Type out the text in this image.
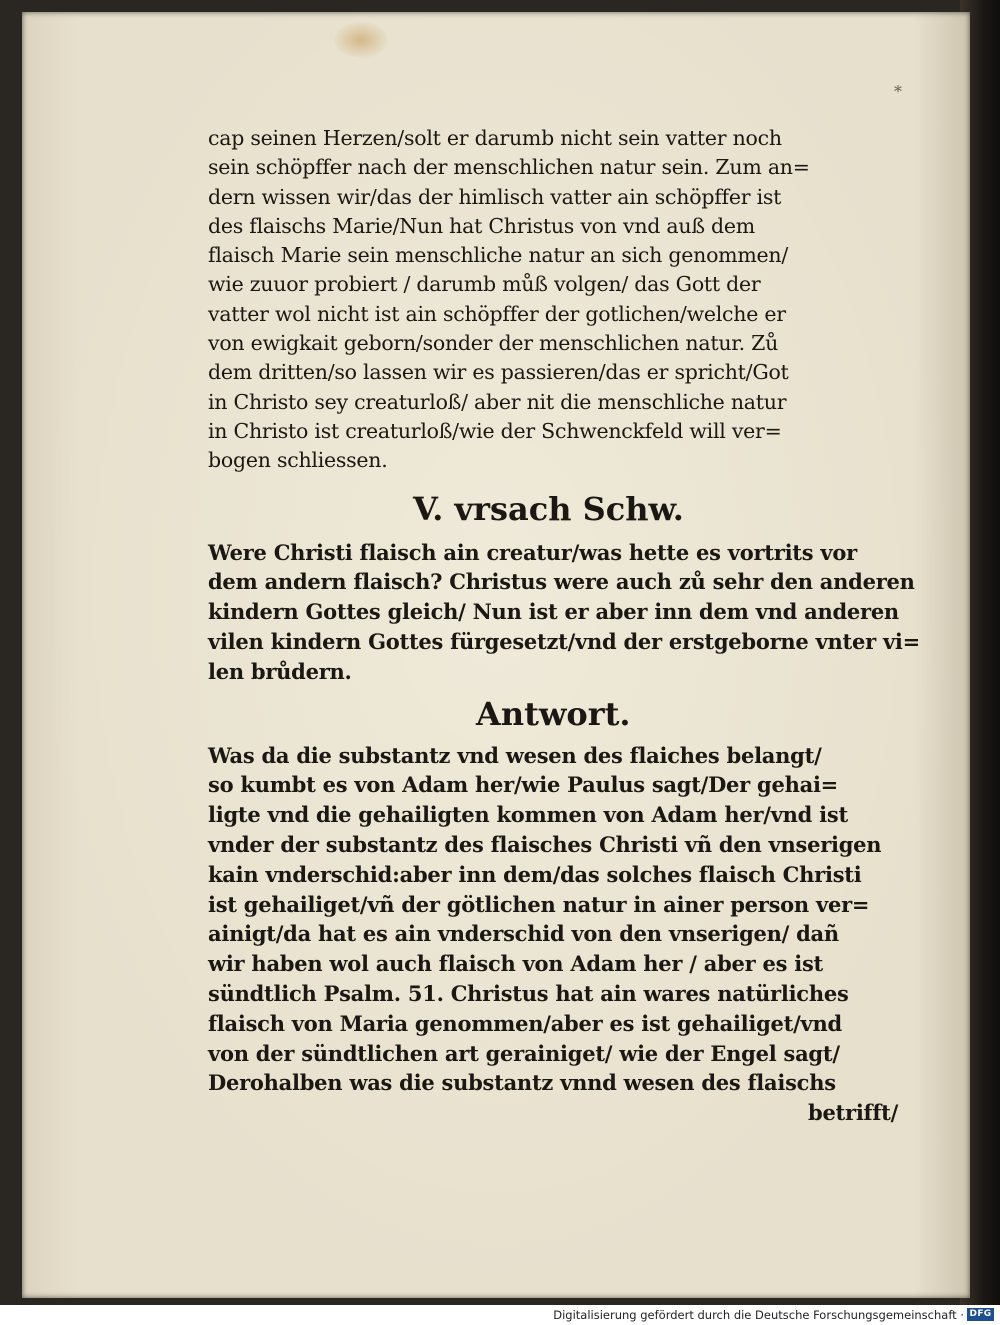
*

cap seinen Herzen/solt er darumb nicht sein vatter noch

sein schöpffer nach der menschlichen natur sein. Zum an=

dern wissen wir/das der himlisch vatter ain schöpffer ist

des flaischs Marie/Nun hat Christus von vnd auß dem

flaisch Marie sein menschliche natur an sich genommen/

wie zuuor probiert / darumb můß volgen/ das Gott der

vatter wol nicht ist ain schöpffer der gotlichen/welche er

von ewigkait geborn/sonder der menschlichen natur. Zů

dem dritten/so lassen wir es passieren/das er spricht/Got

in Christo sey creaturloß/ aber nit die menschliche natur

in Christo ist creaturloß/wie der Schwenckfeld will ver=

bogen schliessen.

V. vrsach Schw.

Were Christi flaisch ain creatur/was hette es vortrits vor

dem andern flaisch? Christus were auch zů sehr den anderen

kindern Gottes gleich/ Nun ist er aber inn dem vnd anderen

vilen kindern Gottes fürgesetzt/vnd der erstgeborne vnter vi=

len brůdern.

Antwort.

Was da die substantz vnd wesen des flaiches belangt/

so kumbt es von Adam her/wie Paulus sagt/Der gehai=

ligte vnd die gehailigten kommen von Adam her/vnd ist

vnder der substantz des flaisches Christi vñ den vnserigen

kain vnderschid:aber inn dem/das solches flaisch Christi

ist gehailiget/vñ der götlichen natur in ainer person ver=

ainigt/da hat es ain vnderschid von den vnserigen/ dañ

wir haben wol auch flaisch von Adam her / aber es ist

sündtlich Psalm. 51. Christus hat ain wares natürliches

flaisch von Maria genommen/aber es ist gehailiget/vnd

von der sündtlichen art gerainiget/ wie der Engel sagt/

Derohalben was die substantz vnnd wesen des flaischs

betrifft/

Digitalisierung gefördert durch die Deutsche Forschungsgemeinschaft · DFG
